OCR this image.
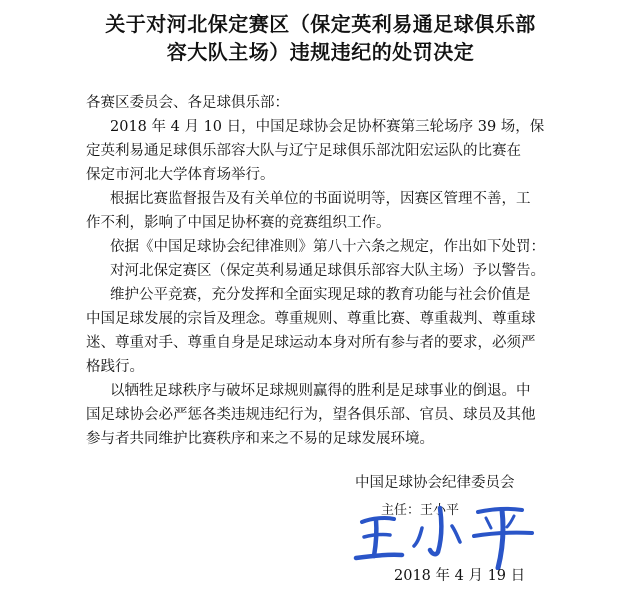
关于对河北保定赛区（保定英利易通足球俱乐部
容大队主场）违规违纪的处罚决定

各赛区委员会、各足球俱乐部：

2018 年 4 月 10 日，中国足球协会足协杯赛第三轮场序 39 场，保

定英利易通足球俱乐部容大队与辽宁足球俱乐部沈阳宏运队的比赛在

保定市河北大学体育场举行。

根据比赛监督报告及有关单位的书面说明等，因赛区管理不善，工

作不利，影响了中国足协杯赛的竞赛组织工作。

依据《中国足球协会纪律准则》第八十六条之规定，作出如下处罚：

对河北保定赛区（保定英利易通足球俱乐部容大队主场）予以警告。

维护公平竞赛，充分发挥和全面实现足球的教育功能与社会价值是

中国足球发展的宗旨及理念。尊重规则、尊重比赛、尊重裁判、尊重球

迷、尊重对手、尊重自身是足球运动本身对所有参与者的要求，必须严

格践行。

以牺牲足球秩序与破坏足球规则赢得的胜利是足球事业的倒退。中

国足球协会必严惩各类违规违纪行为，望各俱乐部、官员、球员及其他

参与者共同维护比赛秩序和来之不易的足球发展环境。

中国足球协会纪律委员会
主任：王小平
2018 年 4 月 19 日
